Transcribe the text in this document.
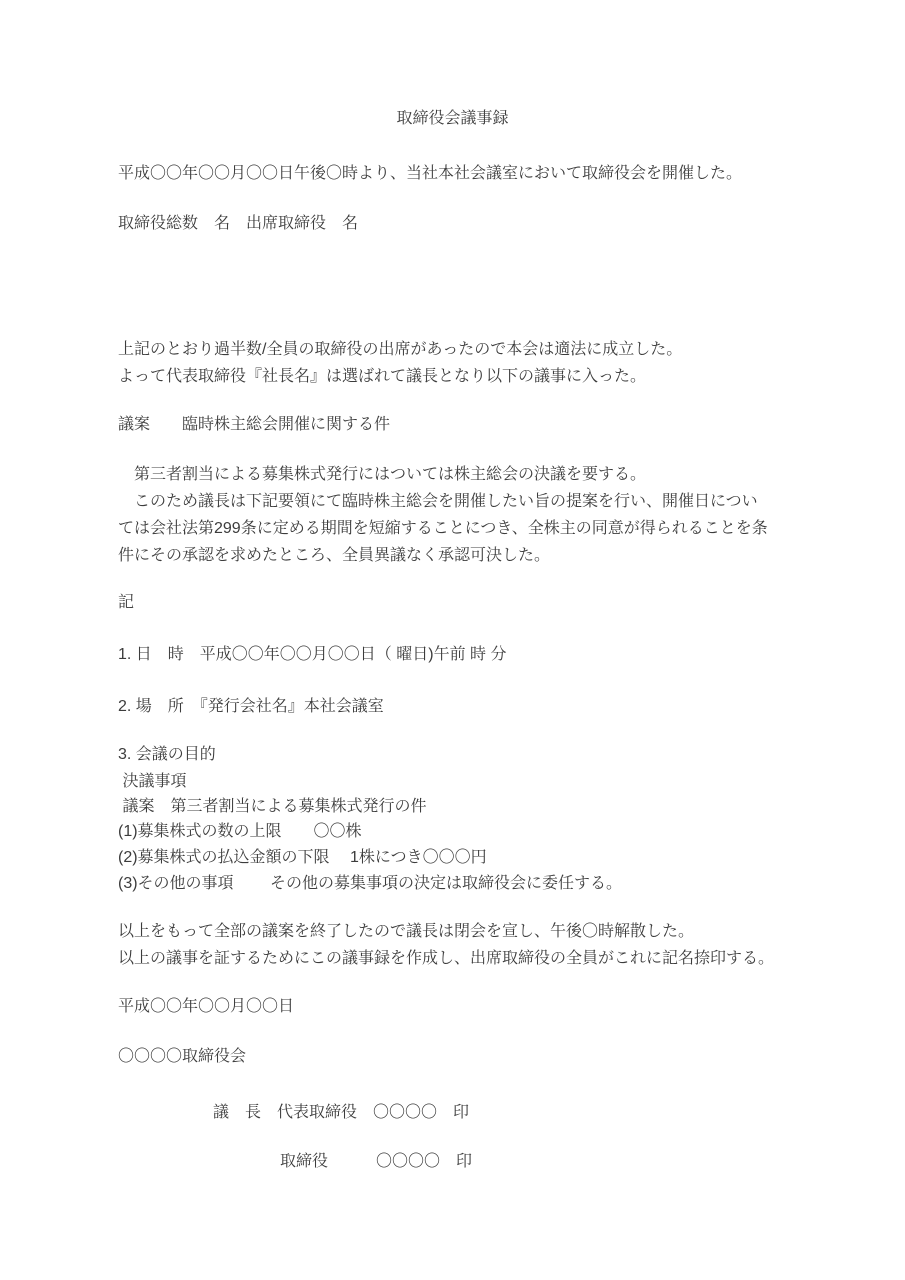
取締役会議事録
平成〇〇年〇〇月〇〇日午後〇時より、当社本社会議室において取締役会を開催した。
取締役総数　名　出席取締役　名
上記のとおり過半数/全員の取締役の出席があったので本会は適法に成立した。
よって代表取締役『社長名』は選ばれて議長となり以下の議事に入った。
議案　　臨時株主総会開催に関する件
　第三者割当による募集株式発行にはついては株主総会の決議を要する。
　このため議長は下記要領にて臨時株主総会を開催したい旨の提案を行い、開催日につい
ては会社法第299条に定める期間を短縮することにつき、全株主の同意が得られることを条
件にその承認を求めたところ、全員異議なく承認可決した。
記
1. 日　時　平成〇〇年〇〇月〇〇日（ 曜日)午前 時 分
2. 場　所　『発行会社名』本社会議室
3. 会議の目的
決議事項
議案　第三者割当による募集株式発行の件
(1)募集株式の数の上限　　〇〇株
(2)募集株式の払込金額の下限　 1株につき〇〇〇円
(3)その他の事項　　 その他の募集事項の決定は取締役会に委任する。
以上をもって全部の議案を終了したので議長は閉会を宣し、午後〇時解散した。
以上の議事を証するためにこの議事録を作成し、出席取締役の全員がこれに記名捺印する。
平成〇〇年〇〇月〇〇日
〇〇〇〇取締役会
議　長　代表取締役　〇〇〇〇　印
取締役　　　〇〇〇〇　印
